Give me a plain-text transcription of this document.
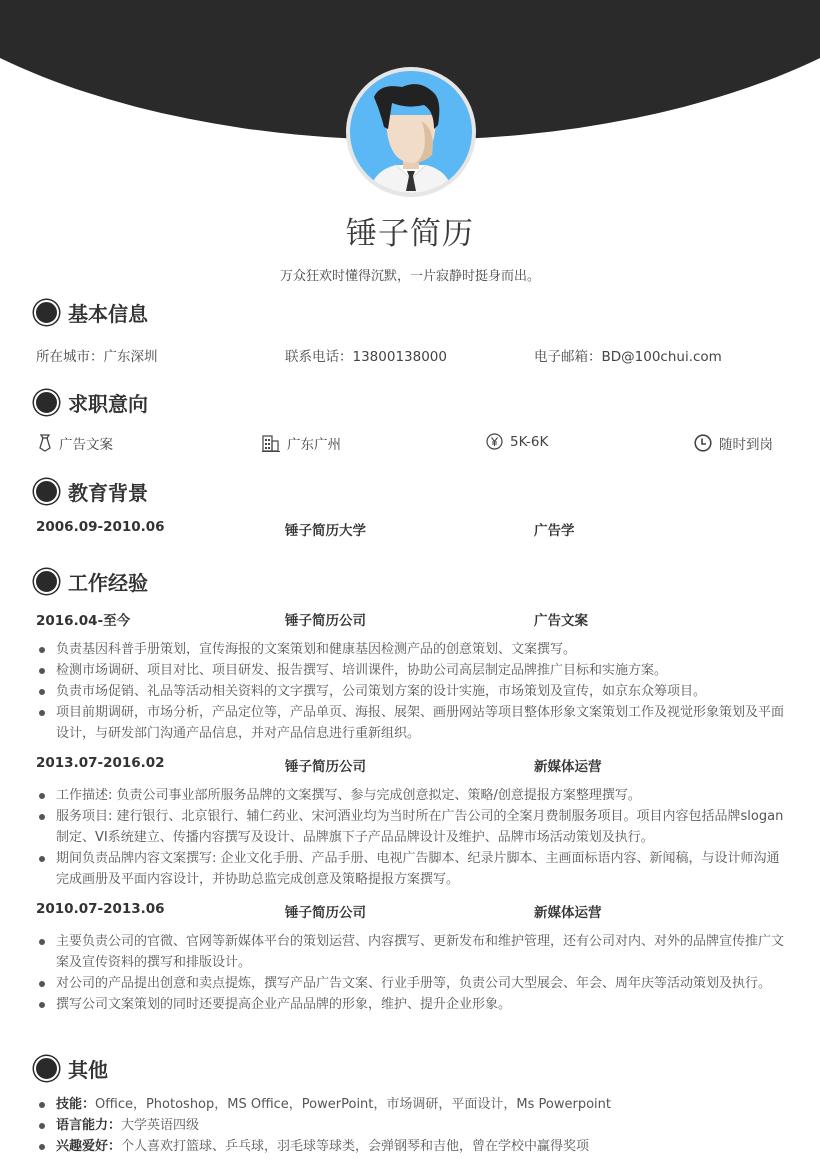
锤子简历
万众狂欢时懂得沉默，一片寂静时挺身而出。
基本信息
所在城市：广东深圳	联系电话：13800138000	电子邮箱：BD@100chui.com
求职意向
广告文案	广东广州	5K-6K	随时到岗
教育背景
2006.09-2010.06	锤子简历大学	广告学
工作经验
2016.04-至今	锤子简历公司	广告文案
负责基因科普手册策划，宣传海报的文案策划和健康基因检测产品的创意策划、文案撰写。
检测市场调研、项目对比、项目研发、报告撰写、培训课件，协助公司高层制定品牌推广目标和实施方案。
负责市场促销、礼品等活动相关资料的文字撰写，公司策划方案的设计实施，市场策划及宣传，如京东众筹项目。
项目前期调研，市场分析，产品定位等，产品单页、海报、展架、画册网站等项目整体形象文案策划工作及视觉形象策划及平面设计，与研发部门沟通产品信息，并对产品信息进行重新组织。
2013.07-2016.02	锤子简历公司	新媒体运营
工作描述: 负责公司事业部所服务品牌的文案撰写、参与完成创意拟定、策略/创意提报方案整理撰写。
服务项目: 建行银行、北京银行、辅仁药业、宋河酒业均为当时所在广告公司的全案月费制服务项目。项目内容包括品牌slogan制定、VI系统建立、传播内容撰写及设计、品牌旗下子产品品牌设计及维护、品牌市场活动策划及执行。
期间负责品牌内容文案撰写: 企业文化手册、产品手册、电视广告脚本、纪录片脚本、主画面标语内容、新闻稿，与设计师沟通完成画册及平面内容设计，并协助总监完成创意及策略提报方案撰写。
2010.07-2013.06	锤子简历公司	新媒体运营
主要负责公司的官微、官网等新媒体平台的策划运营、内容撰写、更新发布和维护管理，还有公司对内、对外的品牌宣传推广文案及宣传资料的撰写和排版设计。
对公司的产品提出创意和卖点提炼，撰写产品广告文案、行业手册等，负责公司大型展会、年会、周年庆等活动策划及执行。
撰写公司文案策划的同时还要提高企业产品品牌的形象，维护、提升企业形象。
其他
技能：Office，Photoshop，MS Office，PowerPoint，市场调研，平面设计，Ms Powerpoint
语言能力：大学英语四级
兴趣爱好：个人喜欢打篮球、乒乓球，羽毛球等球类，会弹钢琴和吉他，曾在学校中赢得奖项
